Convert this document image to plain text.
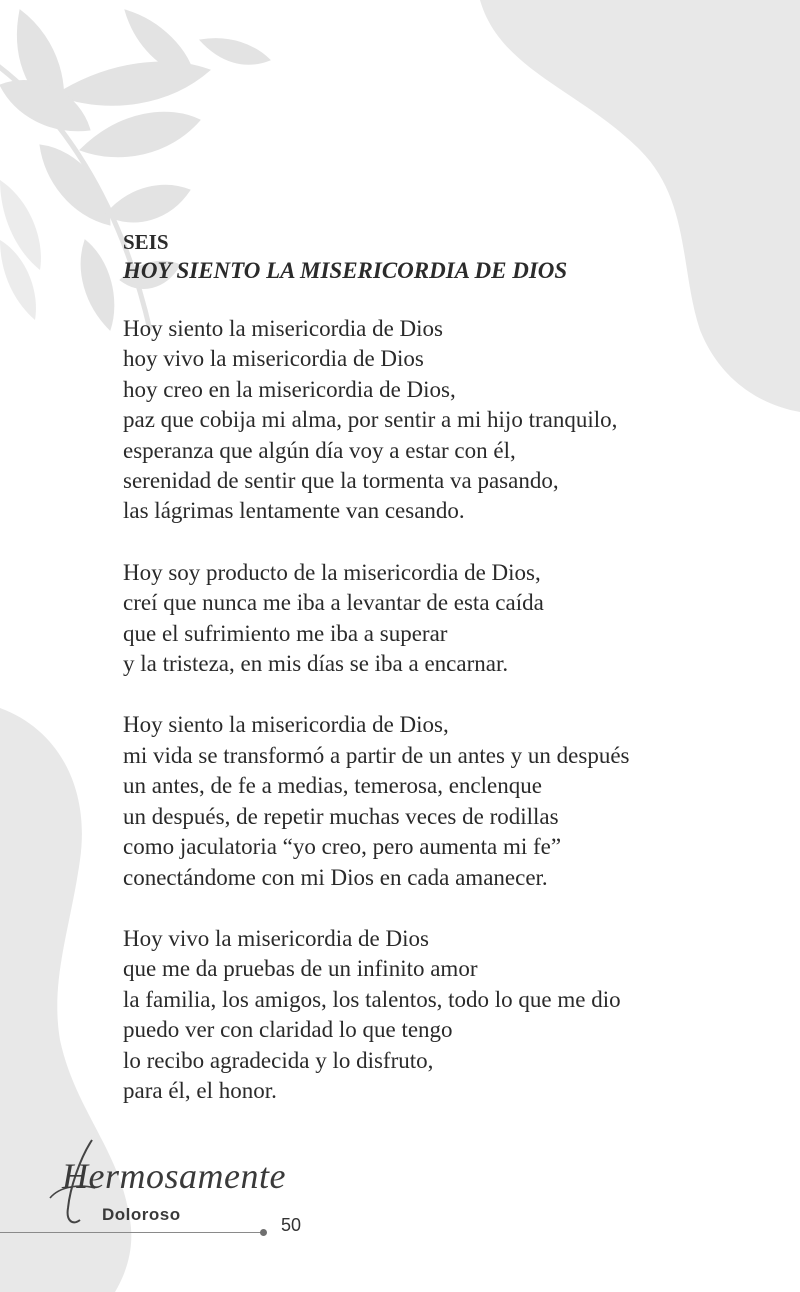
SEIS
HOY SIENTO LA MISERICORDIA DE DIOS
Hoy siento la misericordia de Dios
hoy vivo la misericordia de Dios
hoy creo en la misericordia de Dios,
paz que cobija mi alma, por sentir a mi hijo tranquilo,
esperanza que algún día voy a estar con él,
serenidad de sentir que la tormenta va pasando,
las lágrimas lentamente van cesando.
Hoy soy producto de la misericordia de Dios,
creí que nunca me iba a levantar de esta caída
que el sufrimiento me iba a superar
y la tristeza, en mis días se iba a encarnar.
Hoy siento la misericordia de Dios,
mi vida se transformó a partir de un antes y un después
un antes, de fe a medias, temerosa, enclenque
un después, de repetir muchas veces de rodillas
como jaculatoria “yo creo, pero aumenta mi fe”
conectándome con mi Dios en cada amanecer.
Hoy vivo la misericordia de Dios
que me da pruebas de un infinito amor
la familia, los amigos, los talentos, todo lo que me dio
puedo ver con claridad lo que tengo
lo recibo agradecida y lo disfruto,
para él, el honor.
Hermosamente
Doloroso
50
